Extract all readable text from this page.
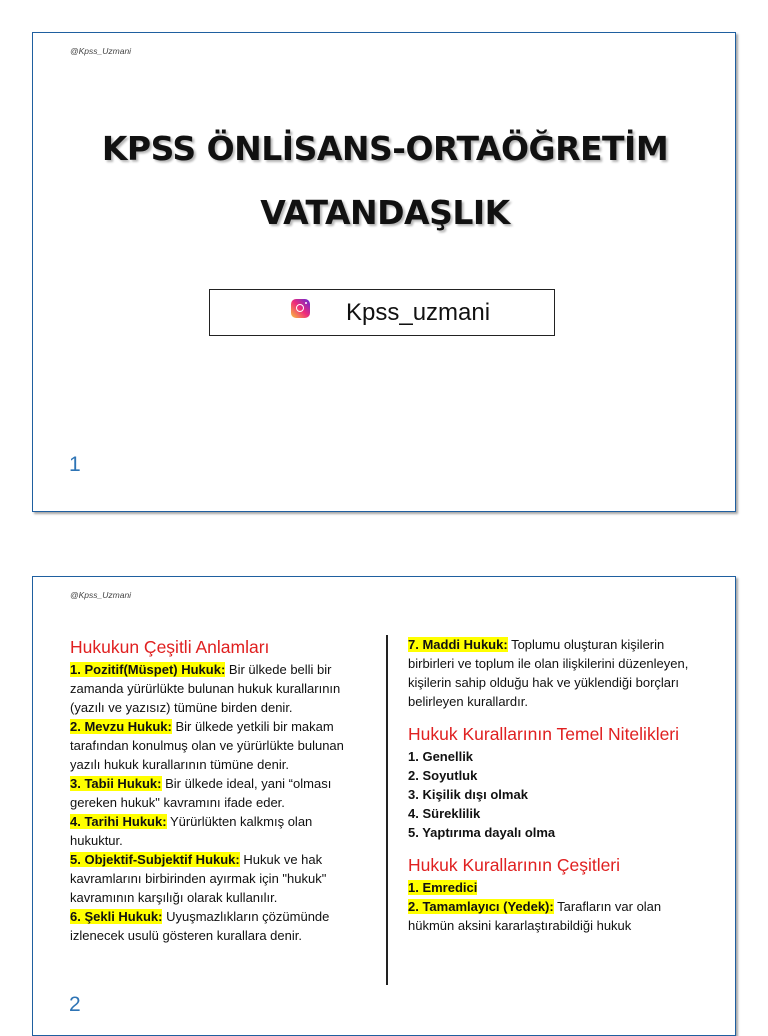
@Kpss_Uzmani
KPSS ÖNLİSANS-ORTAÖĞRETİM
VATANDAŞLIK
Kpss_uzmani
1
@Kpss_Uzmani

Hukukun Çeşitli Anlamları

1. Pozitif(Müspet) Hukuk: Bir ülkede belli bir zamanda yürürlükte bulunan hukuk kurallarının (yazılı ve yazısız) tümüne birden denir.

2. Mevzu Hukuk: Bir ülkede yetkili bir makam tarafından konulmuş olan ve yürürlükte bulunan yazılı hukuk kurallarının tümüne denir.

3. Tabii Hukuk: Bir ülkede ideal, yani “olması gereken hukuk" kavramını ifade eder.

4. Tarihi Hukuk: Yürürlükten kalkmış olan hukuktur.

5. Objektif-Subjektif Hukuk: Hukuk ve hak kavramlarını birbirinden ayırmak için "hukuk" kavramının karşılığı olarak kullanılır.

6. Şekli Hukuk: Uyuşmazlıkların çözümünde izlenecek usulü gösteren kurallara denir.

7. Maddi Hukuk: Toplumu oluşturan kişilerin birbirleri ve toplum ile olan ilişkilerini düzenleyen, kişilerin sahip olduğu hak ve yüklendiği borçları belirleyen kurallardır.

Hukuk Kurallarının Temel Nitelikleri

1. Genellik

2. Soyutluk

3. Kişilik dışı olmak

4. Süreklilik

5. Yaptırıma dayalı olma

Hukuk Kurallarının Çeşitleri

1. Emredici

2. Tamamlayıcı (Yedek): Tarafların var olan hükmün aksini kararlaştırabildiği hukuk

2
